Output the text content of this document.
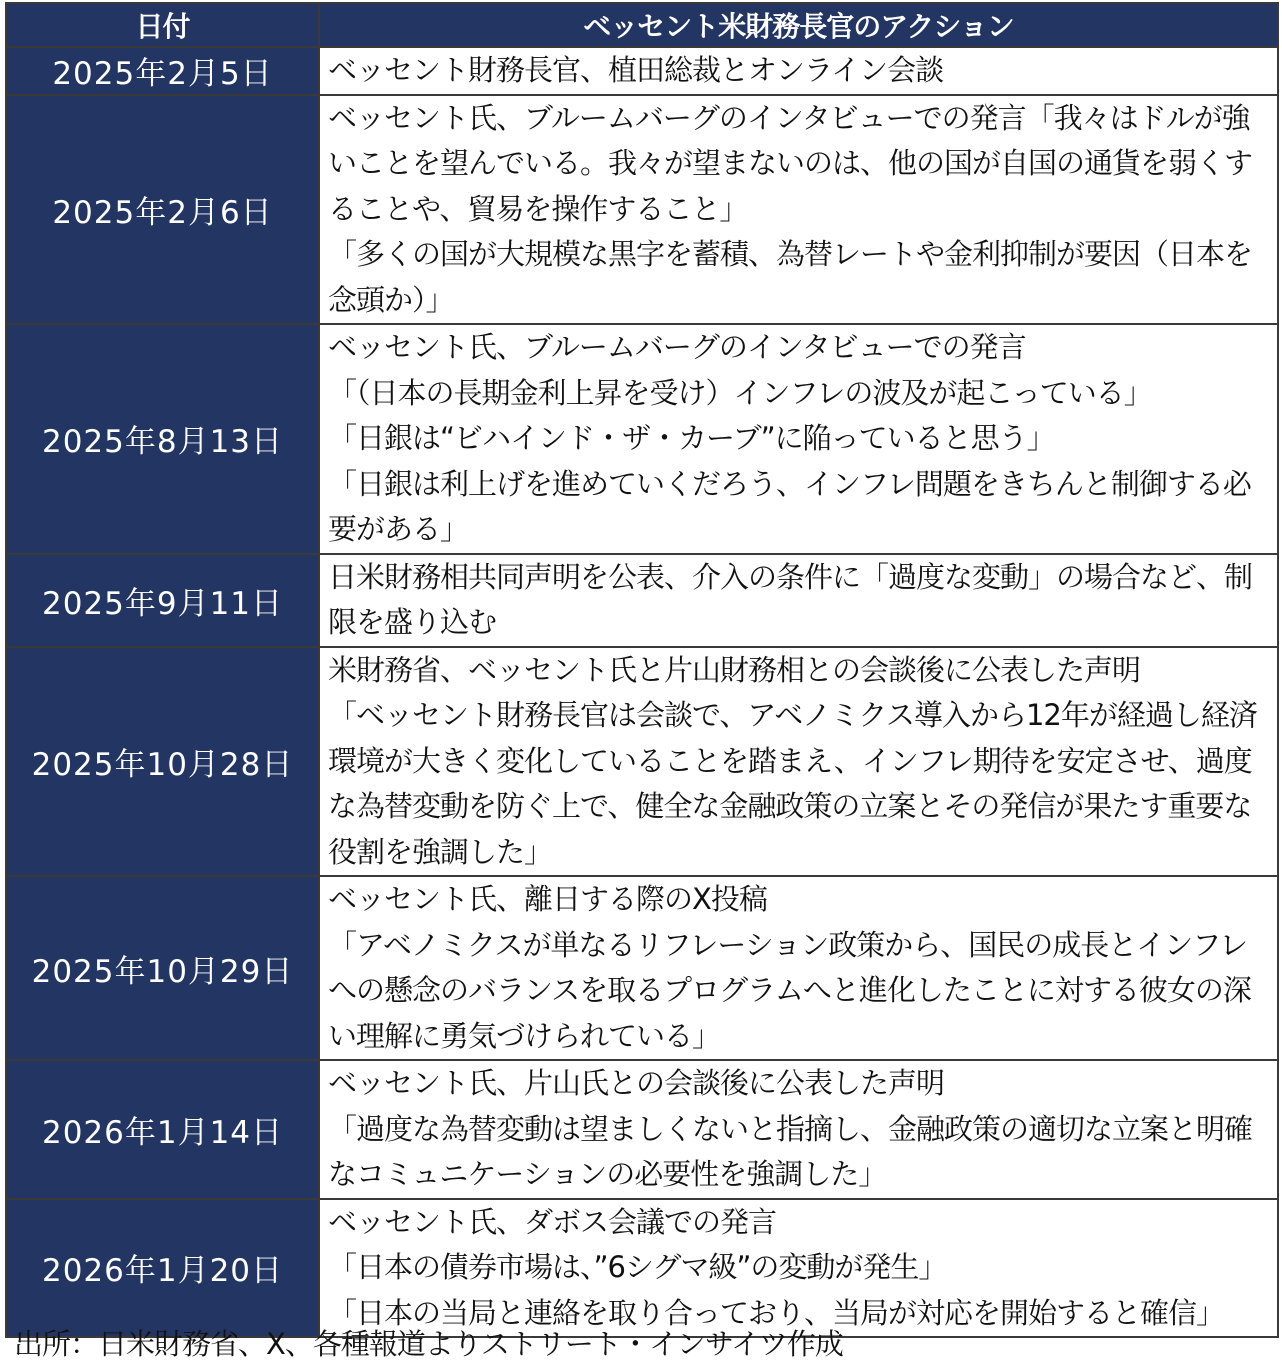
日付	ベッセント米財務長官のアクション
2025年2月5日	ベッセント財務長官、植田総裁とオンライン会談

2025年2月6日	ベッセント氏、ブルームバーグのインタビューでの発言「我々はドルが強いことを望んでいる。我々が望まないのは、他の国が自国の通貨を弱くすることや、貿易を操作すること」
「多くの国が大規模な黒字を蓄積、為替レートや金利抑制が要因（日本を念頭か）」

2025年8月13日	ベッセント氏、ブルームバーグのインタビューでの発言
「（日本の長期金利上昇を受け）インフレの波及が起こっている」
「日銀は“ビハインド・ザ・カーブ”に陥っていると思う」
「日銀は利上げを進めていくだろう、インフレ問題をきちんと制御する必要がある」

2025年9月11日	日米財務相共同声明を公表、介入の条件に「過度な変動」の場合など、制限を盛り込む

2025年10月28日	米財務省、ベッセント氏と片山財務相との会談後に公表した声明
「ベッセント財務長官は会談で、アベノミクス導入から12年が経過し経済環境が大きく変化していることを踏まえ、インフレ期待を安定させ、過度な為替変動を防ぐ上で、健全な金融政策の立案とその発信が果たす重要な役割を強調した」

2025年10月29日	ベッセント氏、離日する際のX投稿
「アベノミクスが単なるリフレーション政策から、国民の成長とインフレへの懸念のバランスを取るプログラムへと進化したことに対する彼女の深い理解に勇気づけられている」

2026年1月14日	ベッセント氏、片山氏との会談後に公表した声明
「過度な為替変動は望ましくないと指摘し、金融政策の適切な立案と明確なコミュニケーションの必要性を強調した」

2026年1月20日	ベッセント氏、ダボス会議での発言
「日本の債券市場は、”6シグマ級”の変動が発生」
「日本の当局と連絡を取り合っており、当局が対応を開始すると確信」
出所：日米財務省、X、各種報道よりストリート・インサイツ作成
